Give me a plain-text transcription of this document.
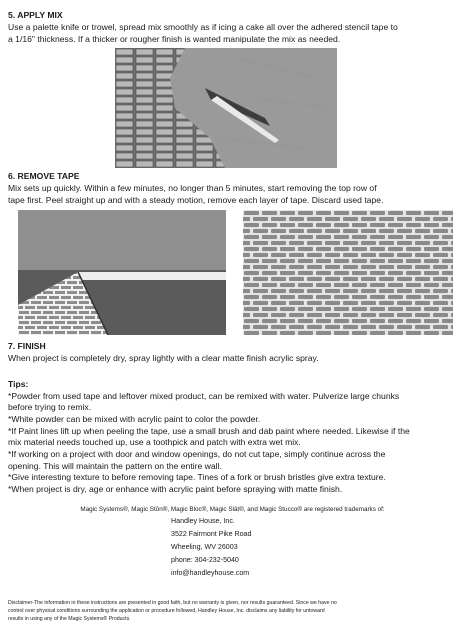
5. APPLY MIX
Use a palette knife or trowel, spread mix smoothly as if icing a cake all over the adhered stencil tape to
a 1/16" thickness. If a thicker or rougher finish is wanted manipulate the mix as needed.
6. REMOVE TAPE
Mix sets up quickly. Within a few minutes, no longer than 5 minutes, start removing the top row of
tape first. Peel straight up and with a steady motion, remove each layer of tape. Discard used tape.
7. FINISH
When project is completely dry, spray lightly with a clear matte finish acrylic spray.
Tips:
*Powder from used tape and leftover mixed product, can be remixed with water. Pulverize large chunks
before trying to remix.
*White powder can be mixed with acrylic paint to color the powder.
*If Paint lines lift up when peeling the tape, use a small brush and dab paint where needed. Likewise if the
mix material needs touched up, use a toothpick and patch with extra wet mix.
*If working on a project with door and window openings, do not cut tape, simply continue across the
opening. This will maintain the pattern on the entire wall.
*Give interesting texture to before removing tape. Tines of a fork or brush bristles give extra texture.
*When project is dry, age or enhance with acrylic paint before spraying with matte finish.
Magic Systems®, Magic Stōn®, Magic Bloc®, Magic Slāt®, and Magic Stucco® are registered trademarks of:
Handley House, Inc.
3522 Fairmont Pike Road
Wheeling, WV 26003
phone: 304-232-5040
info@handleyhouse.com
Disclaimer-The information in these instructions are presented in good faith, but no warranty is given, nor results guaranteed. Since we have no
control over physical conditions surrounding the application or procedure followed, Handley House, Inc. disclaims any liability for untoward
results in using any of the Magic Systems® Products.
